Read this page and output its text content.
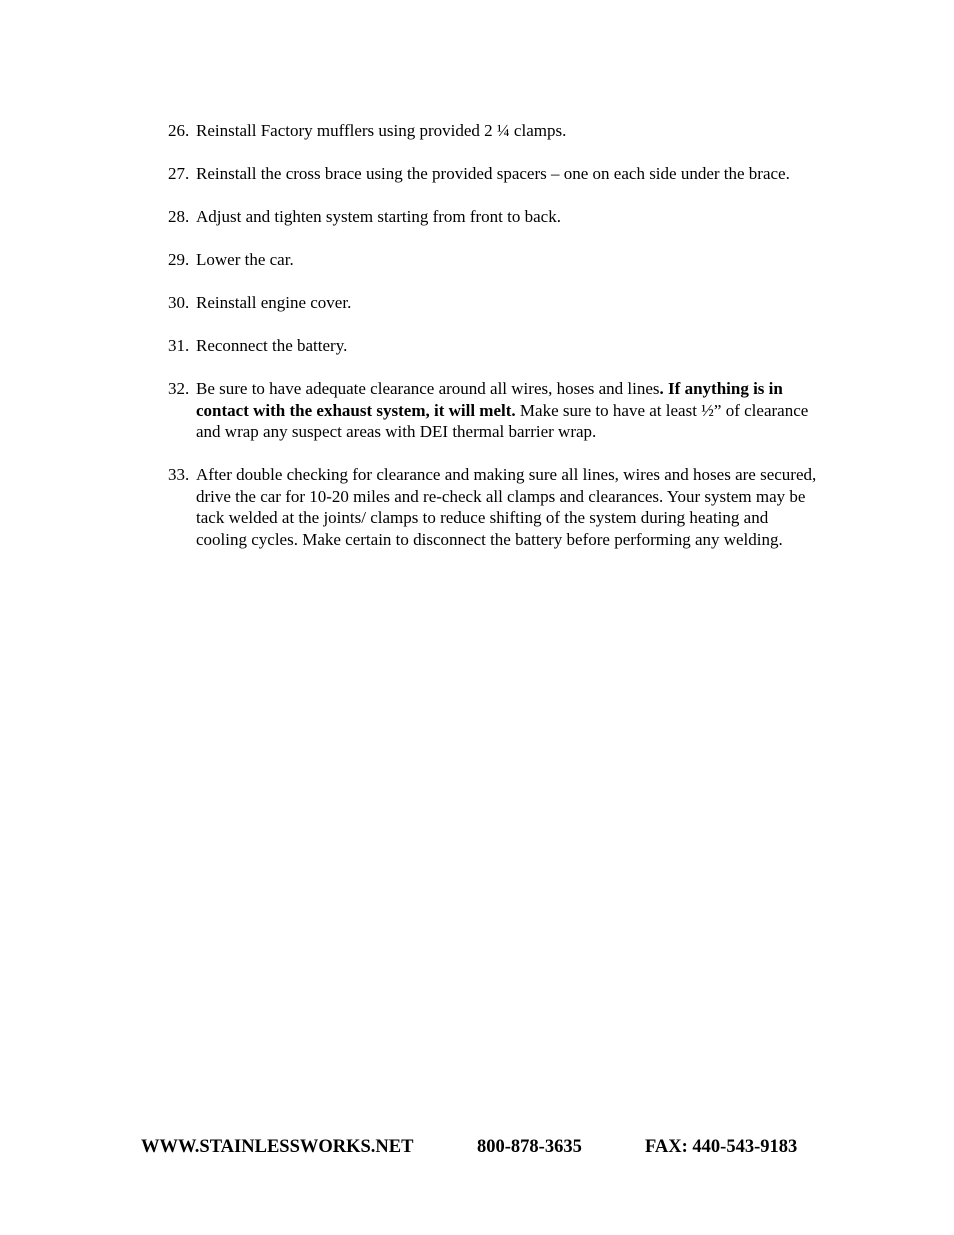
26. Reinstall Factory mufflers using provided 2 ¼ clamps.
27. Reinstall the cross brace using the provided spacers – one on each side under the brace.
28. Adjust and tighten system starting from front to back.
29. Lower the car.
30. Reinstall engine cover.
31. Reconnect the battery.
32. Be sure to have adequate clearance around all wires, hoses and lines. If anything is in contact with the exhaust system, it will melt. Make sure to have at least ½” of clearance and wrap any suspect areas with DEI thermal barrier wrap.
33. After double checking for clearance and making sure all lines, wires and hoses are secured, drive the car for 10-20 miles and re-check all clamps and clearances. Your system may be tack welded at the joints/ clamps to reduce shifting of the system during heating and cooling cycles. Make certain to disconnect the battery before performing any welding.
WWW.STAINLESSWORKS.NET	800-878-3635	FAX: 440-543-9183
